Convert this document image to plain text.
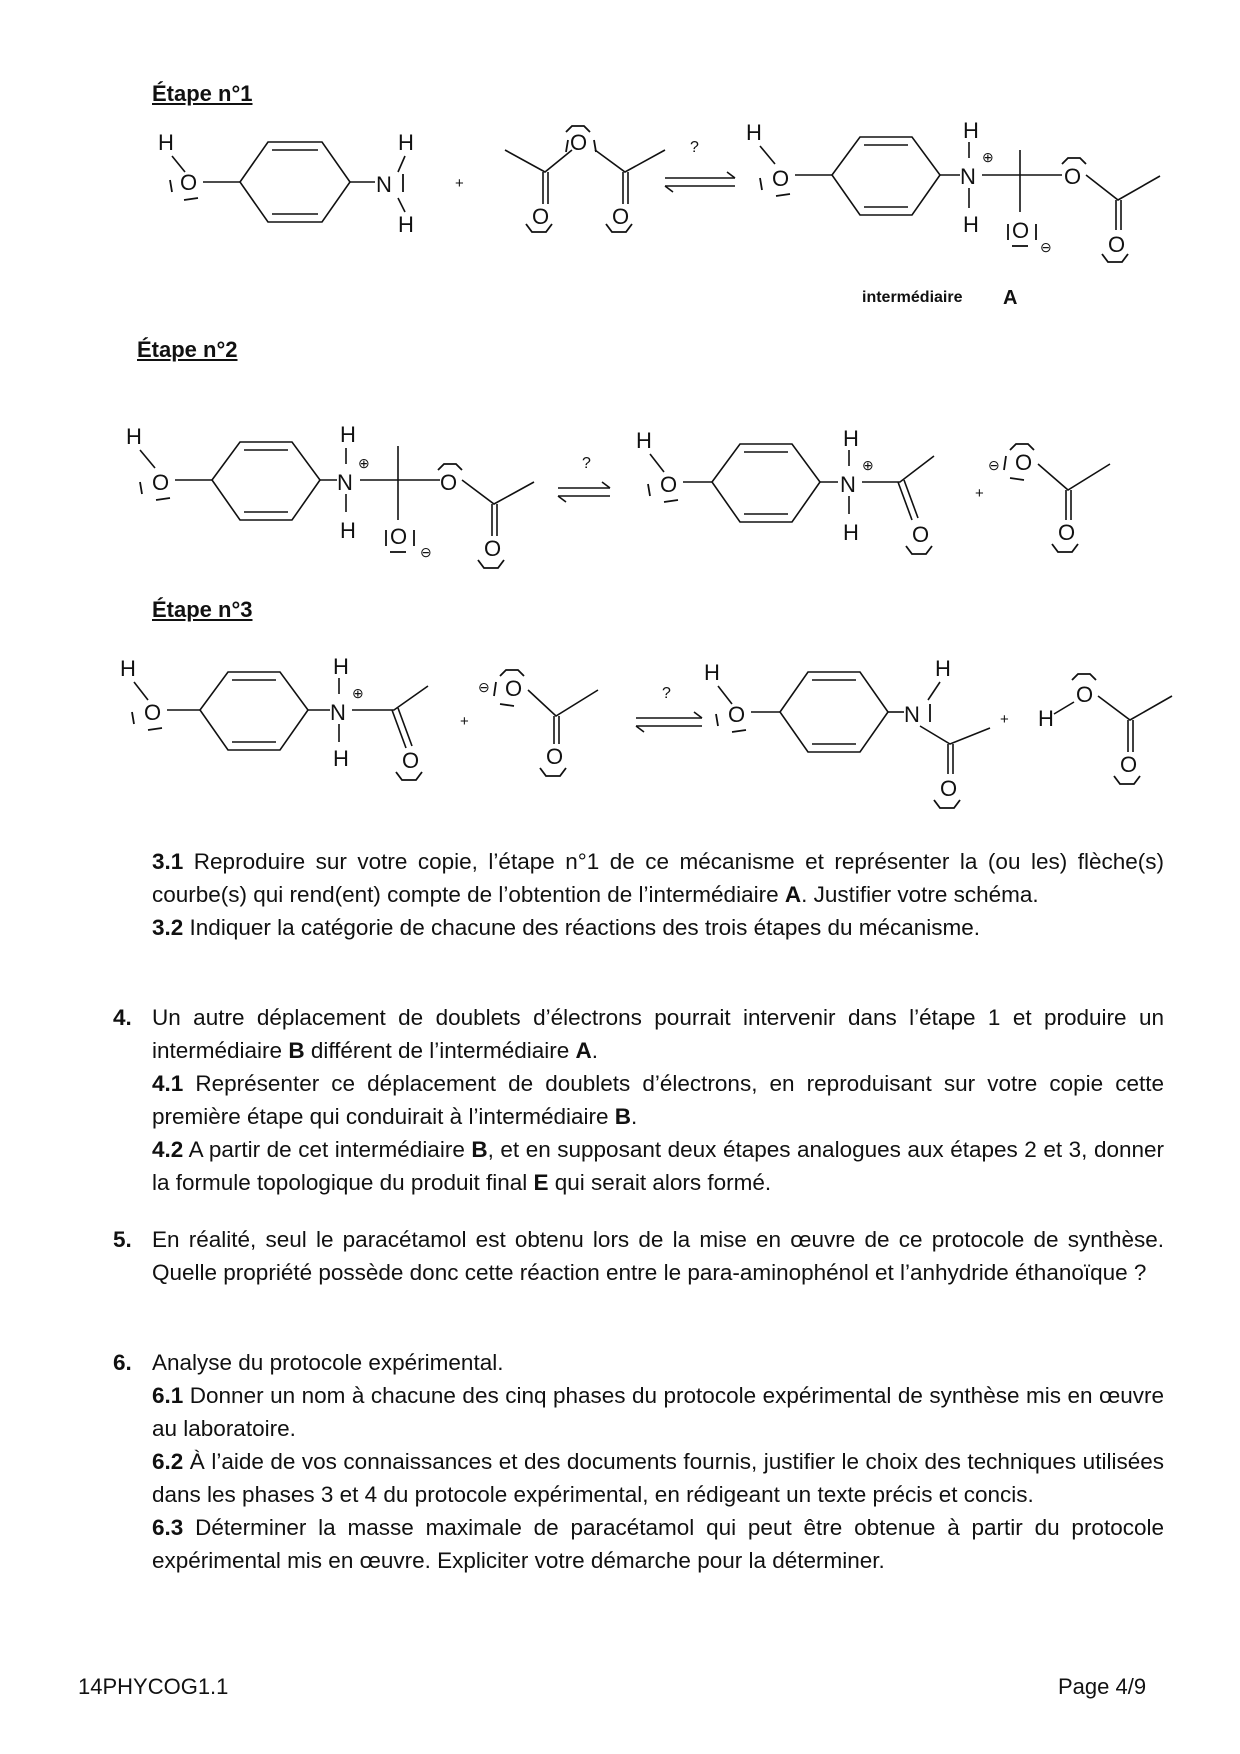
Étape n°1
Étape n°2
Étape n°3
H
O	N
H
H
+
O
O	O
?
H
O	N
H
⊕
H O
⊖
O
O
intermédiaire A
H
O	N
H
⊕
H O
⊖
O
O
?
H
O	N
H
⊕
H O
+
⊖ O
O
H
O	N
H
⊕
H O
+
⊖ O
O
?
H
O	N
H
O
+ H
O
O
3.1 Reproduire sur votre copie, l’étape n°1 de ce mécanisme et représenter la (ou les) flèche(s) courbe(s) qui rend(ent) compte de l’obtention de l’intermédiaire A. Justifier votre schéma.
3.2 Indiquer la catégorie de chacune des réactions des trois étapes du mécanisme.
4. Un autre déplacement de doublets d’électrons pourrait intervenir dans l’étape 1 et produire un intermédiaire B différent de l’intermédiaire A.
4.1 Représenter ce déplacement de doublets d’électrons, en reproduisant sur votre copie cette première étape qui conduirait à l’intermédiaire B.
4.2 A partir de cet intermédiaire B, et en supposant deux étapes analogues aux étapes 2 et 3, donner la formule topologique du produit final E qui serait alors formé.
5. En réalité, seul le paracétamol est obtenu lors de la mise en œuvre de ce protocole de synthèse. Quelle propriété possède donc cette réaction entre le para-aminophénol et l’anhydride éthanoïque ?
6. Analyse du protocole expérimental.
6.1 Donner un nom à chacune des cinq phases du protocole expérimental de synthèse mis en œuvre au laboratoire.
6.2 À l’aide de vos connaissances et des documents fournis, justifier le choix des techniques utilisées dans les phases 3 et 4 du protocole expérimental, en rédigeant un texte précis et concis.
6.3 Déterminer la masse maximale de paracétamol qui peut être obtenue à partir du protocole expérimental mis en œuvre. Expliciter votre démarche pour la déterminer.
14PHYCOG1.1	Page 4/9
